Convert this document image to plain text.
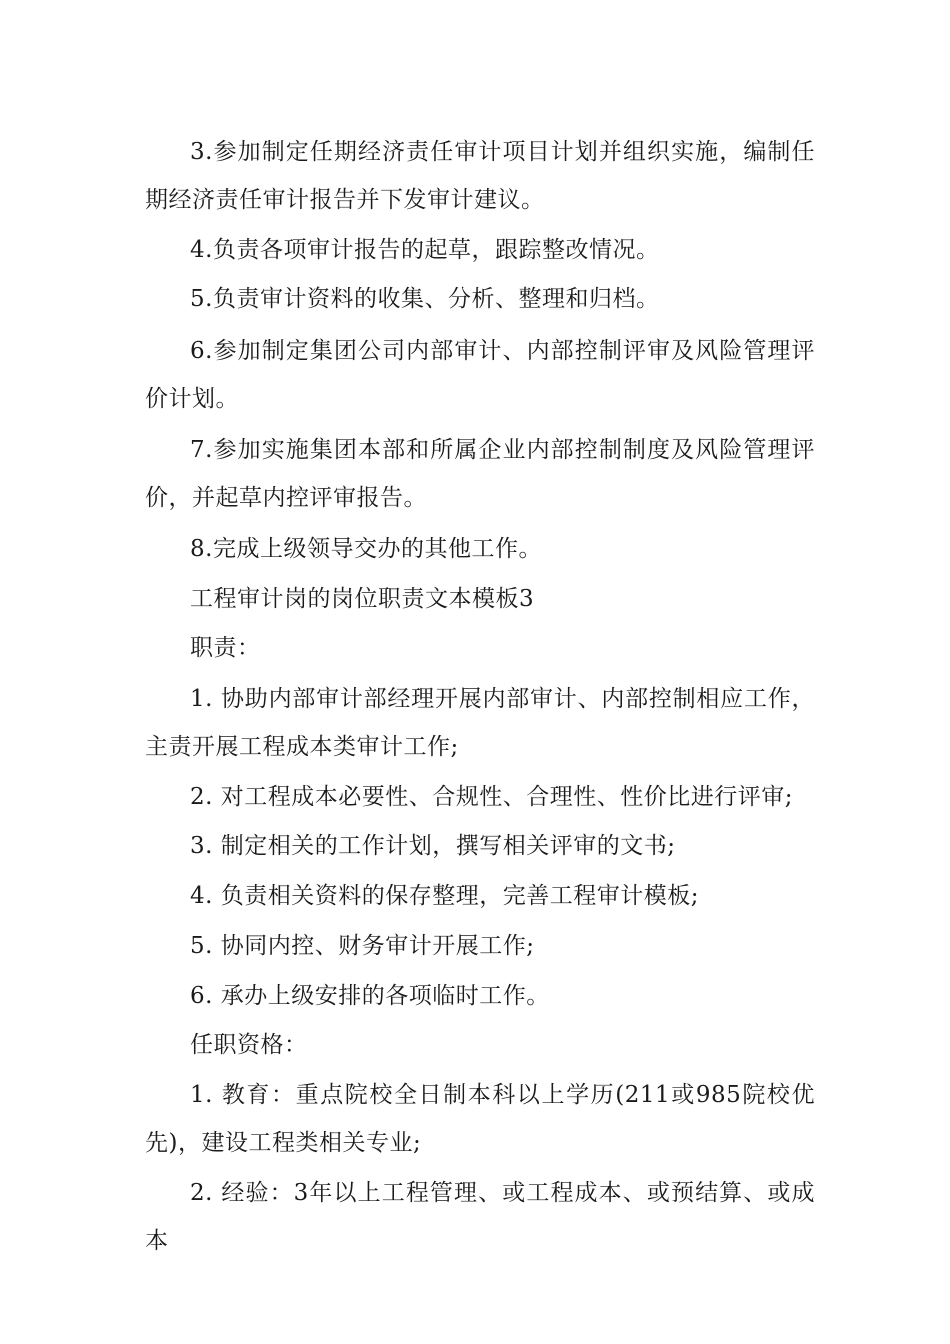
3.参加制定任期经济责任审计项目计划并组织实施，编制任期经济责任审计报告并下发审计建议。

4.负责各项审计报告的起草，跟踪整改情况。

5.负责审计资料的收集、分析、整理和归档。

6.参加制定集团公司内部审计、内部控制评审及风险管理评价计划。

7.参加实施集团本部和所属企业内部控制制度及风险管理评价，并起草内控评审报告。

8.完成上级领导交办的其他工作。

工程审计岗的岗位职责文本模板3

职责：

1. 协助内部审计部经理开展内部审计、内部控制相应工作，主责开展工程成本类审计工作;

2. 对工程成本必要性、合规性、合理性、性价比进行评审;

3. 制定相关的工作计划，撰写相关评审的文书;

4. 负责相关资料的保存整理，完善工程审计模板;

5. 协同内控、财务审计开展工作;

6. 承办上级安排的各项临时工作。

任职资格：

1. 教育：重点院校全日制本科以上学历(211或985院校优先)，建设工程类相关专业;

2. 经验：3年以上工程管理、或工程成本、或预结算、或成本
